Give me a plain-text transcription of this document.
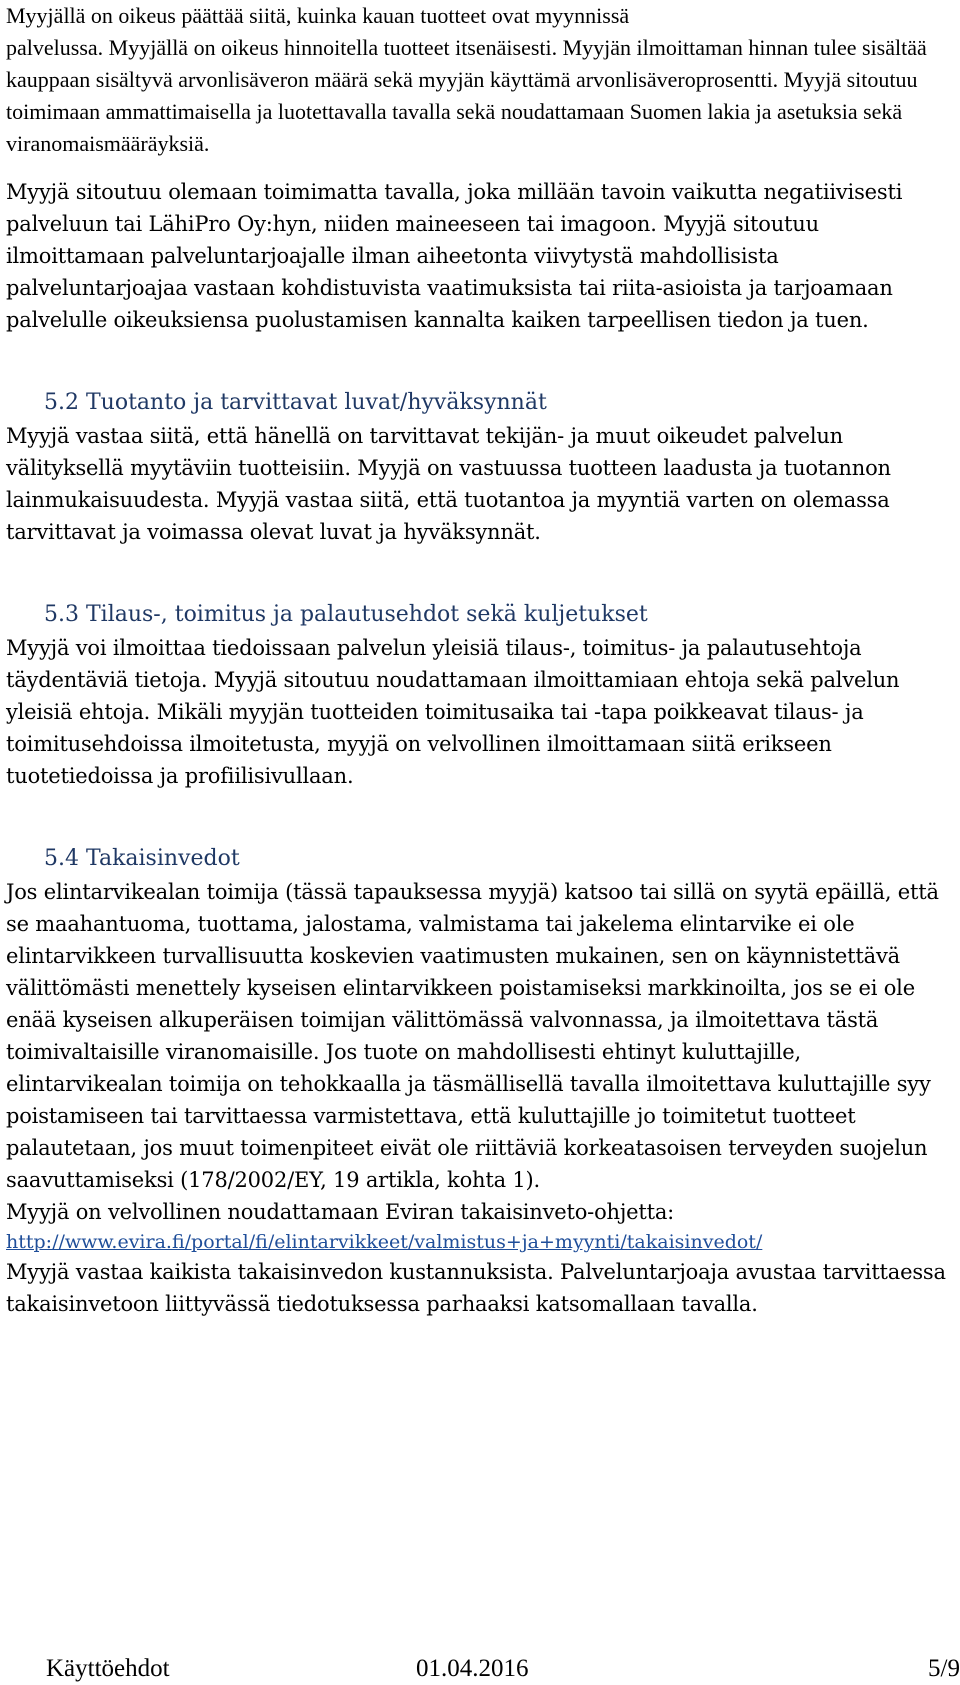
Myyjällä on oikeus päättää siitä, kuinka kauan tuotteet ovat myynnissä

palvelussa. Myyjällä on oikeus hinnoitella tuotteet itsenäisesti. Myyjän ilmoittaman hinnan tulee sisältää kauppaan sisältyvä arvonlisäveron määrä sekä myyjän käyttämä arvonlisäveroprosentti. Myyjä sitoutuu toimimaan ammattimaisella ja luotettavalla tavalla sekä noudattamaan Suomen lakia ja asetuksia sekä viranomaismääräyksiä.

Myyjä sitoutuu olemaan toimimatta tavalla, joka millään tavoin vaikutta negatiivisesti palveluun tai LähiPro Oy:hyn, niiden maineeseen tai imagoon. Myyjä sitoutuu ilmoittamaan palveluntarjoajalle ilman aiheetonta viivytystä mahdollisista palveluntarjoajaa vastaan kohdistuvista vaatimuksista tai riita-asioista ja tarjoamaan palvelulle oikeuksiensa puolustamisen kannalta kaiken tarpeellisen tiedon ja tuen.

5.2 Tuotanto ja tarvittavat luvat/hyväksynnät

Myyjä vastaa siitä, että hänellä on tarvittavat tekijän- ja muut oikeudet palvelun välityksellä myytäviin tuotteisiin. Myyjä on vastuussa tuotteen laadusta ja tuotannon lainmukaisuudesta. Myyjä vastaa siitä, että tuotantoa ja myyntiä varten on olemassa tarvittavat ja voimassa olevat luvat ja hyväksynnät.

5.3 Tilaus-, toimitus ja palautusehdot sekä kuljetukset

Myyjä voi ilmoittaa tiedoissaan palvelun yleisiä tilaus-, toimitus- ja palautusehtoja täydentäviä tietoja. Myyjä sitoutuu noudattamaan ilmoittamiaan ehtoja sekä palvelun yleisiä ehtoja. Mikäli myyjän tuotteiden toimitusaika tai -tapa poikkeavat tilaus- ja toimitusehdoissa ilmoitetusta, myyjä on velvollinen ilmoittamaan siitä erikseen tuotetiedoissa ja profiilisivullaan.

5.4 Takaisinvedot

Jos elintarvikealan toimija (tässä tapauksessa myyjä) katsoo tai sillä on syytä epäillä, että se maahantuoma, tuottama, jalostama, valmistama tai jakelema elintarvike ei ole elintarvikkeen turvallisuutta koskevien vaatimusten mukainen, sen on käynnistettävä välittömästi menettely kyseisen elintarvikkeen poistamiseksi markkinoilta, jos se ei ole enää kyseisen alkuperäisen toimijan välittömässä valvonnassa, ja ilmoitettava tästä toimivaltaisille viranomaisille. Jos tuote on mahdollisesti ehtinyt kuluttajille, elintarvikealan toimija on tehokkaalla ja täsmällisellä tavalla ilmoitettava kuluttajille syy poistamiseen tai tarvittaessa varmistettava, että kuluttajille jo toimitetut tuotteet palautetaan, jos muut toimenpiteet eivät ole riittäviä korkeatasoisen terveyden suojelun saavuttamiseksi (178/2002/EY, 19 artikla, kohta 1).

Myyjä on velvollinen noudattamaan Eviran takaisinveto-ohjetta:

http://www.evira.fi/portal/fi/elintarvikkeet/valmistus+ja+myynti/takaisinvedot/

Myyjä vastaa kaikista takaisinvedon kustannuksista. Palveluntarjoaja avustaa tarvittaessa takaisinvetoon liittyvässä tiedotuksessa parhaaksi katsomallaan tavalla.

Käyttöehdot	01.04.2016	5/9
